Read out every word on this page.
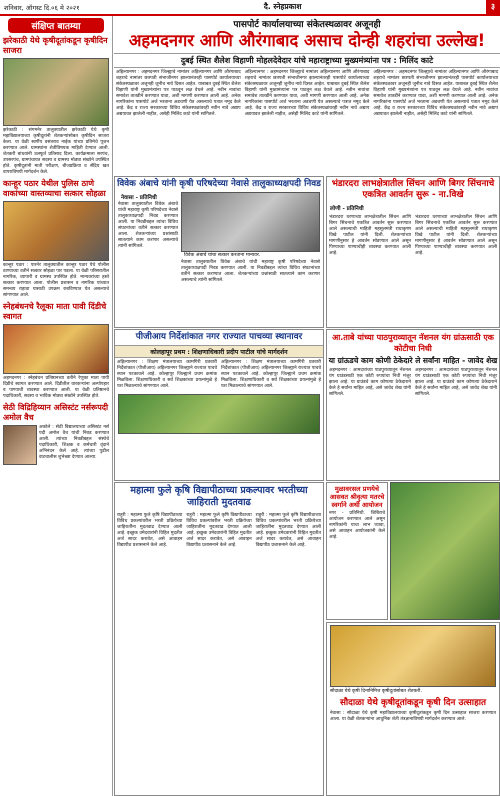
शनिवार, ऑगस्ट दि.०६ मे २०२१	दै. स्नेहप्रकाश	३
संक्षिप्त बातम्या
झरेकाठी येथे कृषीदूतांकडून कृषीदिन साजरा
झरेकाठी : संगमनेर तालुक्यातील झरेकाठी येथे कृषी महाविद्यालयाच्या कृषीदूतांनी शेतकऱ्यांसोबत कृषीदिन साजरा केला. या वेळी स्वर्गीय वसंतराव नाईक यांच्या प्रतिमेचे पूजन करण्यात आले. ग्रामस्थांना शेतीविषयक माहिती देण्यात आली. शेतकरी बांधवांनी उत्स्फूर्त प्रतिसाद दिला. कार्यक्रमाला सरपंच, उपसरपंच, ग्रामपंचायत सदस्य व ग्रामस्थ मोठ्या संख्येने उपस्थित होते. कृषीदूतांनी माती परीक्षण, बीजप्रक्रिया व सेंद्रिय खत वापराविषयी मार्गदर्शन केले.
कान्हूर पठार येथील पुलिस ठाणे वाकांच्या वास्तव्याचा सत्कार सोहळा
कान्हूर पठार : पारनेर तालुक्यातील कान्हूर पठार येथे पोलीस ठाण्याच्या वतीने सत्कार सोहळा पार पडला. या वेळी परिसरातील नागरिक, व्यापारी व ग्रामस्थ उपस्थित होते. मान्यवरांच्या हस्ते सत्कार करण्यात आला. पोलीस प्रशासन व नागरिक यांच्यात समन्वय राहावा यासाठी उपक्रम राबविण्यात येत असल्याचे सांगण्यात आले.
स्नेहबंधनचे रैलूका माता पावी दिंडीचे स्वागत
अहमदनगर : स्नेहबंधन प्रतिष्ठानच्या वतीने रेणुका माता पायी दिंडीचे स्वागत करण्यात आले. दिंडीतील वारकऱ्यांना अल्पोपहार व पाण्याची व्यवस्था करण्यात आली. या वेळी प्रतिष्ठानचे पदाधिकारी, सदस्य व भाविक मोठ्या संख्येने उपस्थित होते.
सेठी विद्रिहिय्यान असिस्टंट नर्सरूपदी अमोल वैच
अकोले : सेठी विद्यालयाच्या असिस्टंट नर्स पदी अमोल वैच यांची निवड करण्यात आली. त्यांच्या निवडीबद्दल संस्थेचे पदाधिकारी, शिक्षक व कर्मचारी वृंदाने अभिनंदन केले आहे. त्यांच्या पुढील वाटचालीस शुभेच्छा देण्यात आल्या.
पासपोर्ट कार्यालयाच्या संकेतस्थळावर अजूनही
अहमदनगर आणि औरंगाबाद असाच दोन्ही शहरांचा उल्लेख!
दुबई स्थित शैलेश विहाणी मोहलदेवेदार यांचे महाराष्ट्राच्या मुख्यमंत्र्यांना पत्र : मिलिंद काटे
अहिल्यानगर : अहमदनगर जिल्ह्याचे नामांतर अहिल्यानगर आणि औरंगाबाद शहराचे नामांतर छत्रपती संभाजीनगर झाल्यानंतरही पासपोर्ट कार्यालयाच्या संकेतस्थळावर अजूनही जुनीच नावे दिसत आहेत. याबाबत दुबई स्थित शैलेश विहाणी यांनी मुख्यमंत्र्यांना पत्र पाठवून लक्ष वेधले आहे. नवीन नावांचा समावेश तातडीने करण्यात यावा, अशी मागणी करण्यात आली आहे. अनेक नागरिकांना पासपोर्ट अर्ज भरताना अडचणी येत असल्याचे पत्रात नमूद केले आहे. केंद्र व राज्य सरकारच्या विविध संकेतस्थळांवरही नवीन नावे अद्याप अद्ययावत झालेली नाहीत, असेही मिलिंद काटे यांनी सांगितले.
अहिल्यानगर : अहमदनगर जिल्ह्याचे नामांतर अहिल्यानगर आणि औरंगाबाद शहराचे नामांतर छत्रपती संभाजीनगर झाल्यानंतरही पासपोर्ट कार्यालयाच्या संकेतस्थळावर अजूनही जुनीच नावे दिसत आहेत. याबाबत दुबई स्थित शैलेश विहाणी यांनी मुख्यमंत्र्यांना पत्र पाठवून लक्ष वेधले आहे. नवीन नावांचा समावेश तातडीने करण्यात यावा, अशी मागणी करण्यात आली आहे. अनेक नागरिकांना पासपोर्ट अर्ज भरताना अडचणी येत असल्याचे पत्रात नमूद केले आहे. केंद्र व राज्य सरकारच्या विविध संकेतस्थळांवरही नवीन नावे अद्याप अद्ययावत झालेली नाहीत, असेही मिलिंद काटे यांनी सांगितले.
अहिल्यानगर : अहमदनगर जिल्ह्याचे नामांतर अहिल्यानगर आणि औरंगाबाद शहराचे नामांतर छत्रपती संभाजीनगर झाल्यानंतरही पासपोर्ट कार्यालयाच्या संकेतस्थळावर अजूनही जुनीच नावे दिसत आहेत. याबाबत दुबई स्थित शैलेश विहाणी यांनी मुख्यमंत्र्यांना पत्र पाठवून लक्ष वेधले आहे. नवीन नावांचा समावेश तातडीने करण्यात यावा, अशी मागणी करण्यात आली आहे. अनेक नागरिकांना पासपोर्ट अर्ज भरताना अडचणी येत असल्याचे पत्रात नमूद केले आहे. केंद्र व राज्य सरकारच्या विविध संकेतस्थळांवरही नवीन नावे अद्याप अद्ययावत झालेली नाहीत, असेही मिलिंद काटे यांनी सांगितले.
विवेक अंबाचे यांनी कृषी परिषदेच्या नेवासे तालुकाध्यक्षपदी निवड
नेवासा - प्रतिनिधी
नेवासा तालुक्यातील विवेक अंबाचे यांची महाराष्ट्र कृषी परिषदेच्या नेवासे तालुकाध्यक्षपदी निवड करण्यात आली. या निवडीबद्दल त्यांचा विविध संघटनांच्या वतीने सत्कार करण्यात आला. शेतकऱ्यांच्या प्रश्नांसाठी सातत्याने काम करणार असल्याचे त्यांनी सांगितले.
विवेक अंबाचे यांचा सत्कार करताना मान्यवर.
नेवासा तालुक्यातील विवेक अंबाचे यांची महाराष्ट्र कृषी परिषदेच्या नेवासे तालुकाध्यक्षपदी निवड करण्यात आली. या निवडीबद्दल त्यांचा विविध संघटनांच्या वतीने सत्कार करण्यात आला. शेतकऱ्यांच्या प्रश्नांसाठी सातत्याने काम करणार असल्याचे त्यांनी सांगितले.
भंडारदरा लाभक्षेत्रातील सिंचन आणि बिगर सिंचनाचे एकत्रित आवर्तन सुरू - ना.विखे
लोणी - प्रतिनिधी
भंडारदरा धरणाच्या लाभक्षेत्रातील सिंचन आणि बिगर सिंचनाचे एकत्रित आवर्तन सुरू करण्यात आले असल्याची माहिती महसूलमंत्री राधाकृष्ण विखे पाटील यांनी दिली. शेतकऱ्यांच्या मागणीनुसार हे आवर्तन सोडण्यात आले असून पिण्याच्या पाण्याचीही व्यवस्था करण्यात आली आहे.
भंडारदरा धरणाच्या लाभक्षेत्रातील सिंचन आणि बिगर सिंचनाचे एकत्रित आवर्तन सुरू करण्यात आले असल्याची माहिती महसूलमंत्री राधाकृष्ण विखे पाटील यांनी दिली. शेतकऱ्यांच्या मागणीनुसार हे आवर्तन सोडण्यात आले असून पिण्याच्या पाण्याचीही व्यवस्था करण्यात आली आहे.
पीजीआय निर्देशांकात नगर राज्यात पाचव्या स्थानावर
कोलहापूर प्रथम : शिक्षणाधिकारी प्रदीप पाटील यांचे मार्गदर्शन
अहिल्यानगर : शिक्षण मंत्रालयाच्या कामगिरी प्रतवारी निर्देशांकात (पीजीआय) अहिल्यानगर जिल्ह्याने राज्यात पाचवे स्थान पटकावले आहे. कोल्हापूर जिल्ह्याने प्रथम क्रमांक मिळविला. शिक्षणाधिकारी व सर्व शिक्षकांच्या प्रयत्नांमुळे हे यश मिळाल्याचे सांगण्यात आले.
अहिल्यानगर : शिक्षण मंत्रालयाच्या कामगिरी प्रतवारी निर्देशांकात (पीजीआय) अहिल्यानगर जिल्ह्याने राज्यात पाचवे स्थान पटकावले आहे. कोल्हापूर जिल्ह्याने प्रथम क्रमांक मिळविला. शिक्षणाधिकारी व सर्व शिक्षकांच्या प्रयत्नांमुळे हे यश मिळाल्याचे सांगण्यात आले.
आ.ताबे यांच्या पाठपुराव्यातून नॅशनल यंग ग्रांऊसाठी एक कोटीचा निधी
या ग्रांऊडचे काम कोणी ठेकेदारे ले सर्वांना माहित - जावेद शेख
अहमदनगर : आमदारांच्या पाठपुराव्यातून नॅशनल यंग ग्राउंडसाठी एक कोटी रुपयांचा निधी मंजूर झाला आहे. या ग्राउंडचे काम कोणत्या ठेकेदाराने केले हे सर्वांना माहित आहे, असे जावेद शेख यांनी सांगितले.
अहमदनगर : आमदारांच्या पाठपुराव्यातून नॅशनल यंग ग्राउंडसाठी एक कोटी रुपयांचा निधी मंजूर झाला आहे. या ग्राउंडचे काम कोणत्या ठेकेदाराने केले हे सर्वांना माहित आहे, असे जावेद शेख यांनी सांगितले.
महात्मा फुले कृषि विद्यापीठाच्या प्रकल्पावर भरतीच्या जाहिराती मुदतवाढ
राहुरी : महात्मा फुले कृषि विद्यापीठाच्या विविध प्रकल्पांवरील भरती प्रक्रियेच्या जाहिरातींना मुदतवाढ देण्यात आली आहे. इच्छुक उमेदवारांनी विहित मुदतीत अर्ज सादर करावेत, असे आवाहन विद्यापीठ प्रशासनाने केले आहे.
राहुरी : महात्मा फुले कृषि विद्यापीठाच्या विविध प्रकल्पांवरील भरती प्रक्रियेच्या जाहिरातींना मुदतवाढ देण्यात आली आहे. इच्छुक उमेदवारांनी विहित मुदतीत अर्ज सादर करावेत, असे आवाहन विद्यापीठ प्रशासनाने केले आहे.
राहुरी : महात्मा फुले कृषि विद्यापीठाच्या विविध प्रकल्पांवरील भरती प्रक्रियेच्या जाहिरातींना मुदतवाढ देण्यात आली आहे. इच्छुक उमेदवारांनी विहित मुदतीत अर्ज सादर करावेत, असे आवाहन विद्यापीठ प्रशासनाने केले आहे.
मुळावरसल प्रणयेचे आसवत श्रीवृत्या मतरचे स्वर्गाने अर्थी आयोजन
नगर - प्रतिनिधी. शिबिराचे आयोजन करण्यात आले असून नागरिकांनी याचा लाभ घ्यावा, असे आवाहन आयोजकांनी केले आहे.
सौदाळा येथे कृषी दिनानिमित्त कृषीदूतांसोबत शेतकरी.
सौदाळा येथे कृषीदूतांकडून कृषी दिन उत्साहात
नेवासा : सौदाळा येथे कृषी महाविद्यालयाच्या कृषीदूतांकडून कृषी दिन उत्साहात साजरा करण्यात आला. या वेळी शेतकऱ्यांना आधुनिक शेती तंत्रज्ञानाविषयी मार्गदर्शन करण्यात आले.
